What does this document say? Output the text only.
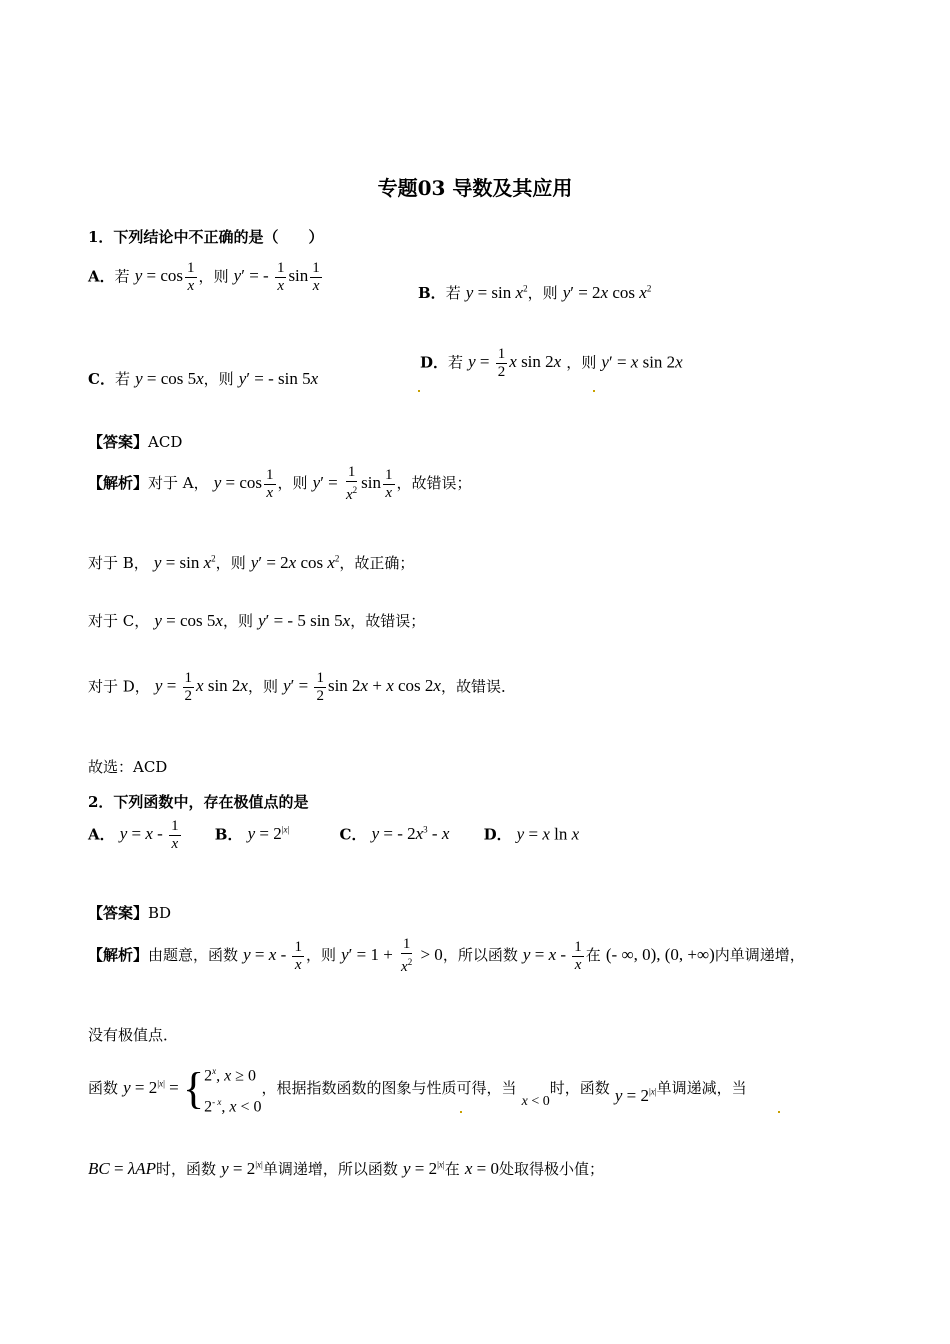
专题03 导数及其应用
1．下列结论中不正确的是（　　）
A．若 $y = \cos \frac{1}{x}$ ，则 y′ = - $\frac{1}{x}$ $\sin \frac{1}{x}$	B．若 $y = \sin x^2$，则 y′ = 2x $\cos x^2$
C．若 y = cos 5x，则 y′ = - sin 5x
D．若 $y = \frac{1}{2}$ x sin 2x ，则 y′ = x sin 2x
【答案】ACD
【解析】对于 A， $y = \cos \frac{1}{x}$ ，则 $y' = \frac{1}{x^2}$ $\sin \frac{1}{x}$ ，故错误；
对于 B， $y = \sin x^2$，则 y′ = 2x $\cos x^2$，故正确；
对于 C， y = cos 5x，则 y′ = - 5 sin 5x，故错误；
对于 D， $y = \frac{1}{2}$ x sin 2x，则 $y' = \frac{1}{2}$ sin 2x + x cos 2x，故错误．
故选：ACD
2．下列函数中，存在极值点的是
A． $y = x - \frac{1}{x}$ B． $y = 2^{|x|}$	C． y = - $2x^3$ - x D． y = x ln x
【答案】BD
【解析】由题意，函数 $y = x - \frac{1}{x}$ ，则 $y' = 1 + \frac{1}{x^2} > 0$，所以函数 $y = x - \frac{1}{x}$ 在 (- ∞, 0), (0, +∞)内单调递增，
没有极值点．
函数 $y = 2^{|x|}$ = { 2$^x$, x ≥ 0
$2^{- x}$, x < 0
，根据指数函数的图象与性质可得，当 x < 0时，函数 $y = 2^{|x|}$单调递减，当
BC = λAP时，函数 $y = 2^{|x|}$单调递增，所以函数 $y = 2^{|x|}$在 x = 0处取得极小值；
